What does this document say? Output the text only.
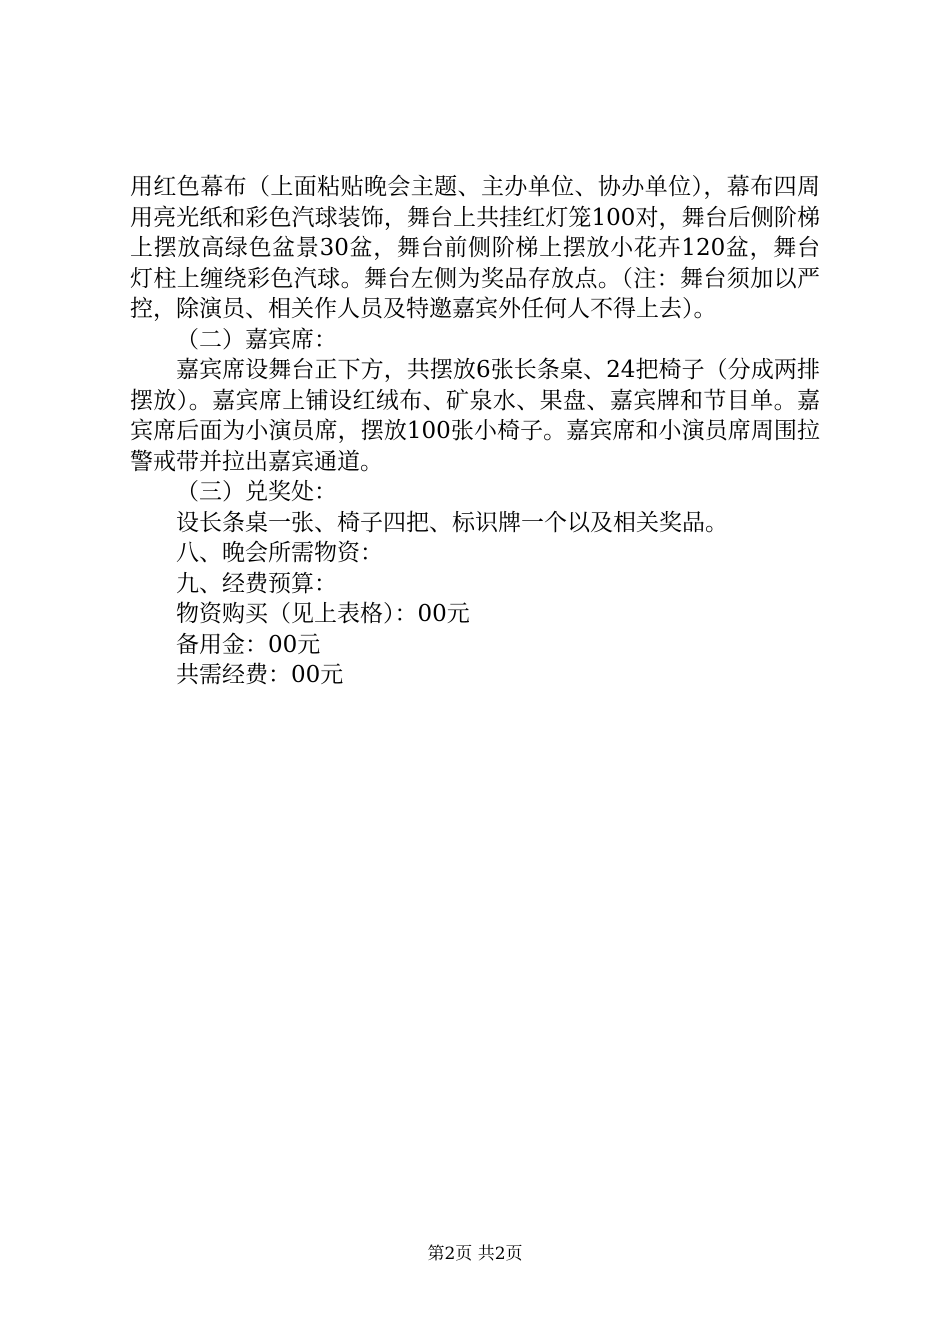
用红色幕布（上面粘贴晚会主题、主办单位、协办单位），幕布四周用亮光纸和彩色汽球装饰，舞台上共挂红灯笼100对，舞台后侧阶梯上摆放高绿色盆景30盆，舞台前侧阶梯上摆放小花卉120盆，舞台灯柱上缠绕彩色汽球。舞台左侧为奖品存放点。（注：舞台须加以严控，除演员、相关作人员及特邀嘉宾外任何人不得上去）。

（二）嘉宾席：

嘉宾席设舞台正下方，共摆放6张长条桌、24把椅子（分成两排摆放）。嘉宾席上铺设红绒布、矿泉水、果盘、嘉宾牌和节目单。嘉宾席后面为小演员席，摆放100张小椅子。嘉宾席和小演员席周围拉警戒带并拉出嘉宾通道。

（三）兑奖处：

设长条桌一张、椅子四把、标识牌一个以及相关奖品。

八、晚会所需物资：

九、经费预算：

物资购买（见上表格）：00元

备用金：00元

共需经费：00元

第2页 共2页
